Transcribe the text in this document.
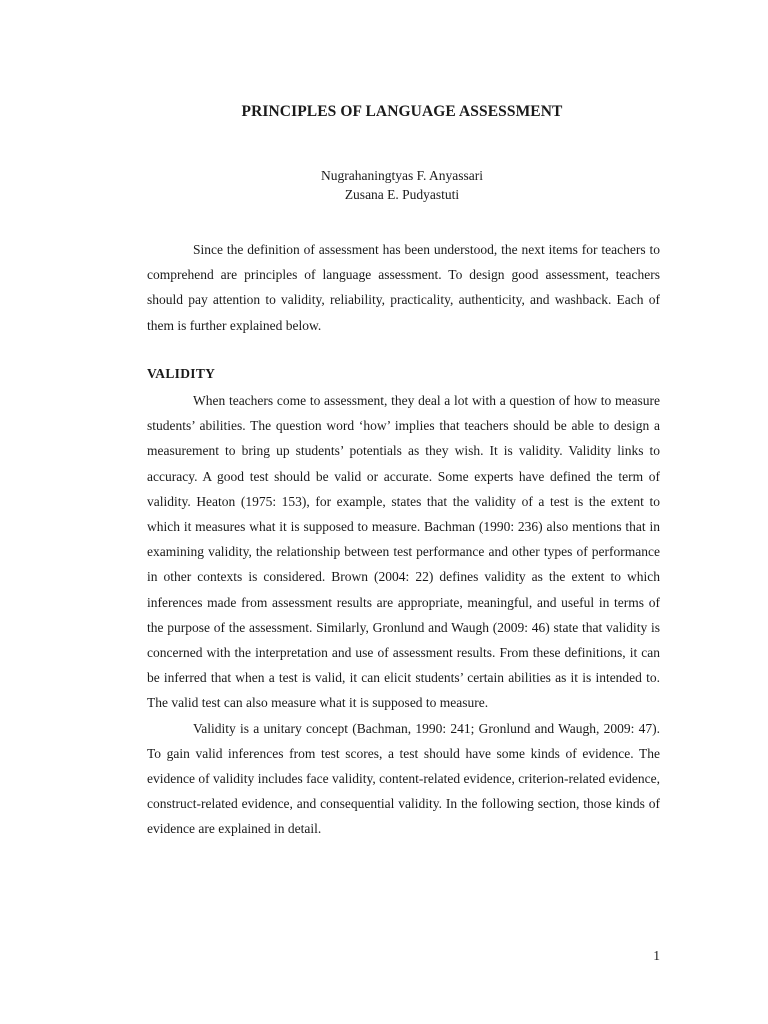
PRINCIPLES OF LANGUAGE ASSESSMENT
Nugrahaningtyas F. Anyassari
Zusana E. Pudyastuti

Since the definition of assessment has been understood, the next items for teachers to comprehend are principles of language assessment. To design good assessment, teachers should pay attention to validity, reliability, practicality, authenticity, and washback. Each of them is further explained below.

VALIDITY

When teachers come to assessment, they deal a lot with a question of how to measure students’ abilities. The question word ‘how’ implies that teachers should be able to design a measurement to bring up students’ potentials as they wish. It is validity. Validity links to accuracy. A good test should be valid or accurate. Some experts have defined the term of validity. Heaton (1975: 153), for example, states that the validity of a test is the extent to which it measures what it is supposed to measure. Bachman (1990: 236) also mentions that in examining validity, the relationship between test performance and other types of performance in other contexts is considered. Brown (2004: 22) defines validity as the extent to which inferences made from assessment results are appropriate, meaningful, and useful in terms of the purpose of the assessment. Similarly, Gronlund and Waugh (2009: 46) state that validity is concerned with the interpretation and use of assessment results. From these definitions, it can be inferred that when a test is valid, it can elicit students’ certain abilities as it is intended to. The valid test can also measure what it is supposed to measure.

Validity is a unitary concept (Bachman, 1990: 241; Gronlund and Waugh, 2009: 47). To gain valid inferences from test scores, a test should have some kinds of evidence. The evidence of validity includes face validity, content-related evidence, criterion-related evidence, construct-related evidence, and consequential validity. In the following section, those kinds of evidence are explained in detail.

1
